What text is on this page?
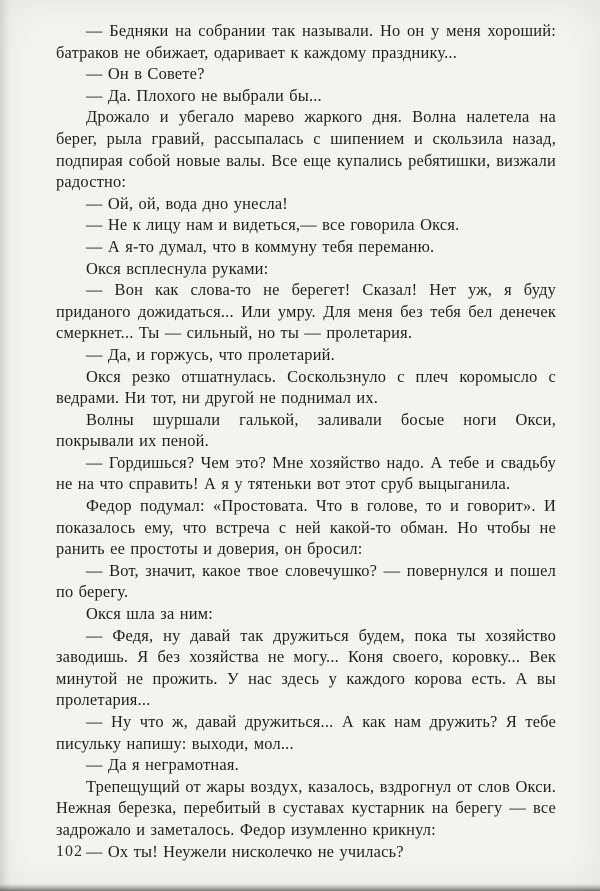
— Бедняки на собрании так называли. Но он у меня хороший: батраков не обижает, одаривает к каждому празднику...

— Он в Совете?

— Да. Плохого не выбрали бы...

Дрожало и убегало марево жаркого дня. Волна налетела на берег, рыла гравий, рассыпалась с шипением и скользила назад, подпирая собой новые валы. Все еще купались ребятишки, визжали радостно:

— Ой, ой, вода дно унесла!

— Не к лицу нам и видеться,— все говорила Окся.

— А я-то думал, что в коммуну тебя переманю.

Окся всплеснула руками:

— Вон как слова-то не берегет! Сказал! Нет уж, я буду приданого дожидаться... Или умру. Для меня без тебя бел денечек смеркнет... Ты — сильный, но ты — пролетария.

— Да, и горжусь, что пролетарий.

Окся резко отшатнулась. Соскользнуло с плеч коромысло с ведрами. Ни тот, ни другой не поднимал их.

Волны шуршали галькой, заливали босые ноги Окси, покрывали их пеной.

— Гордишься? Чем это? Мне хозяйство надо. А тебе и свадьбу не на что справить! А я у тятеньки вот этот сруб выцыганила.

Федор подумал: «Простовата. Что в голове, то и говорит». И показалось ему, что встреча с ней какой-то обман. Но чтобы не ранить ее простоты и доверия, он бросил:

— Вот, значит, какое твое словечушко? — повернулся и пошел по берегу.

Окся шла за ним:

— Федя, ну давай так дружиться будем, пока ты хозяйство заводишь. Я без хозяйства не могу... Коня своего, коровку... Век минутой не прожить. У нас здесь у каждого корова есть. А вы пролетария...

— Ну что ж, давай дружиться... А как нам дружить? Я тебе писульку напишу: выходи, мол...

— Да я неграмотная.

Трепещущий от жары воздух, казалось, вздрогнул от слов Окси. Нежная березка, перебитый в суставах кустарник на берегу — все задрожало и заметалось. Федор изумленно крикнул:

— Ох ты! Неужели нисколечко не училась?

102
